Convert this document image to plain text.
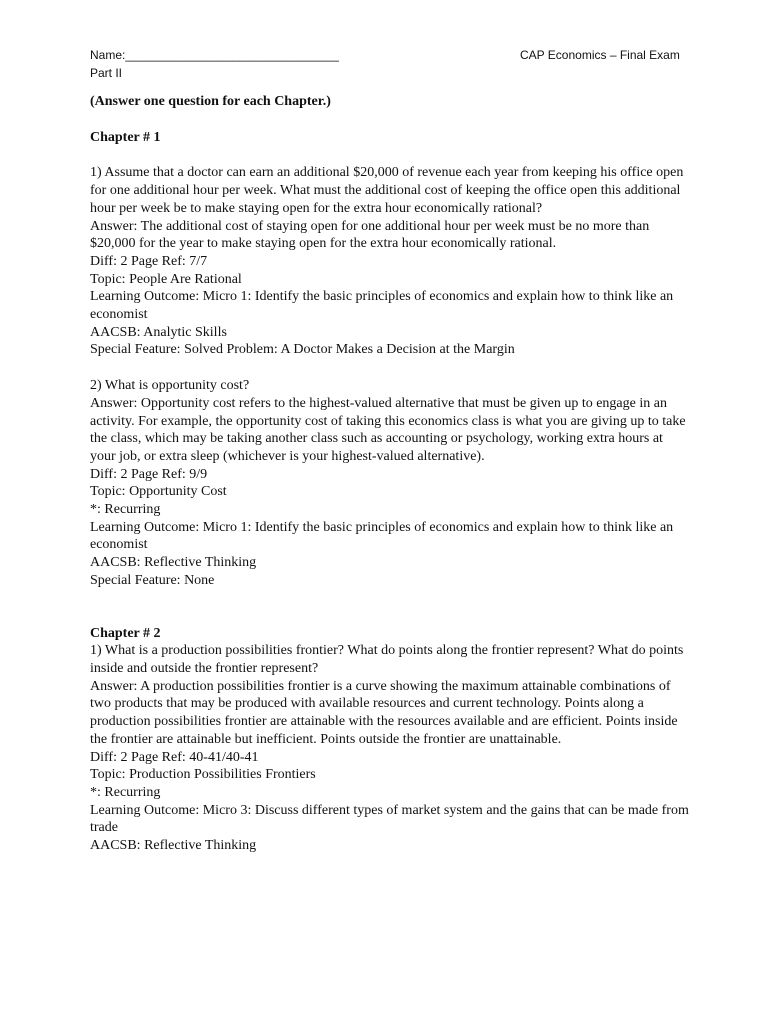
Name:________________________________	CAP Economics – Final Exam
Part II

(Answer one question for each Chapter.)

Chapter # 1

1) Assume that a doctor can earn an additional $20,000 of revenue each year from keeping his office open for one additional hour per week. What must the additional cost of keeping the office open this additional hour per week be to make staying open for the extra hour economically rational?

Answer: The additional cost of staying open for one additional hour per week must be no more than $20,000 for the year to make staying open for the extra hour economically rational.

Diff: 2 Page Ref: 7/7

Topic: People Are Rational

Learning Outcome: Micro 1: Identify the basic principles of economics and explain how to think like an economist

AACSB: Analytic Skills

Special Feature: Solved Problem: A Doctor Makes a Decision at the Margin

2) What is opportunity cost?

Answer: Opportunity cost refers to the highest-valued alternative that must be given up to engage in an activity. For example, the opportunity cost of taking this economics class is what you are giving up to take the class, which may be taking another class such as accounting or psychology, working extra hours at your job, or extra sleep (whichever is your highest-valued alternative).

Diff: 2 Page Ref: 9/9

Topic: Opportunity Cost

*: Recurring

Learning Outcome: Micro 1: Identify the basic principles of economics and explain how to think like an economist

AACSB: Reflective Thinking

Special Feature: None

Chapter # 2

1) What is a production possibilities frontier? What do points along the frontier represent? What do points inside and outside the frontier represent?

Answer: A production possibilities frontier is a curve showing the maximum attainable combinations of two products that may be produced with available resources and current technology. Points along a production possibilities frontier are attainable with the resources available and are efficient. Points inside the frontier are attainable but inefficient. Points outside the frontier are unattainable.

Diff: 2 Page Ref: 40-41/40-41

Topic: Production Possibilities Frontiers

*: Recurring

Learning Outcome: Micro 3: Discuss different types of market system and the gains that can be made from trade

AACSB: Reflective Thinking
